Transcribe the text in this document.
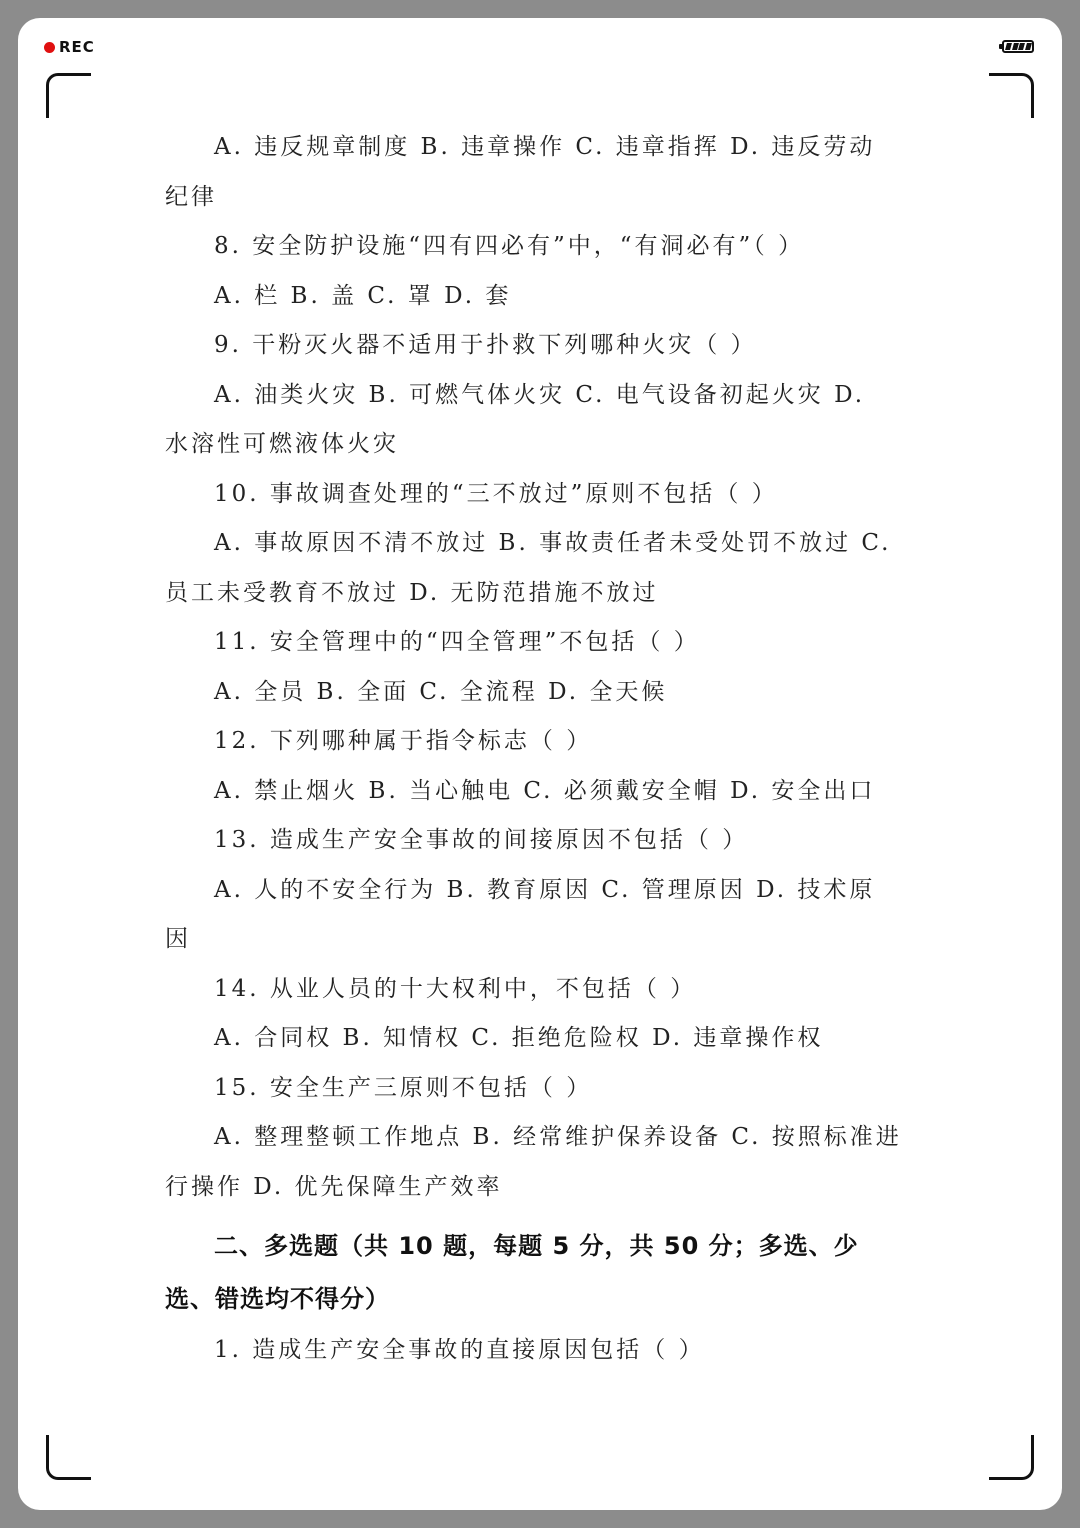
REC
A. 违反规章制度 B. 违章操作 C. 违章指挥 D. 违反劳动
纪律
8. 安全防护设施“四有四必有”中，“有洞必有”（ ）
A. 栏 B. 盖 C. 罩 D. 套
9. 干粉灭火器不适用于扑救下列哪种火灾（ ）
A. 油类火灾 B. 可燃气体火灾 C. 电气设备初起火灾 D.
水溶性可燃液体火灾
10. 事故调查处理的“三不放过”原则不包括（ ）
A. 事故原因不清不放过 B. 事故责任者未受处罚不放过 C.
员工未受教育不放过 D. 无防范措施不放过
11. 安全管理中的“四全管理”不包括（ ）
A. 全员 B. 全面 C. 全流程 D. 全天候
12. 下列哪种属于指令标志（ ）
A. 禁止烟火 B. 当心触电 C. 必须戴安全帽 D. 安全出口
13. 造成生产安全事故的间接原因不包括（ ）
A. 人的不安全行为 B. 教育原因 C. 管理原因 D. 技术原
因
14. 从业人员的十大权利中，不包括（ ）
A. 合同权 B. 知情权 C. 拒绝危险权 D. 违章操作权
15. 安全生产三原则不包括（ ）
A. 整理整顿工作地点 B. 经常维护保养设备 C. 按照标准进
行操作 D. 优先保障生产效率
二、多选题（共 10 题，每题 5 分，共 50 分；多选、少
选、错选均不得分）
1. 造成生产安全事故的直接原因包括（ ）
